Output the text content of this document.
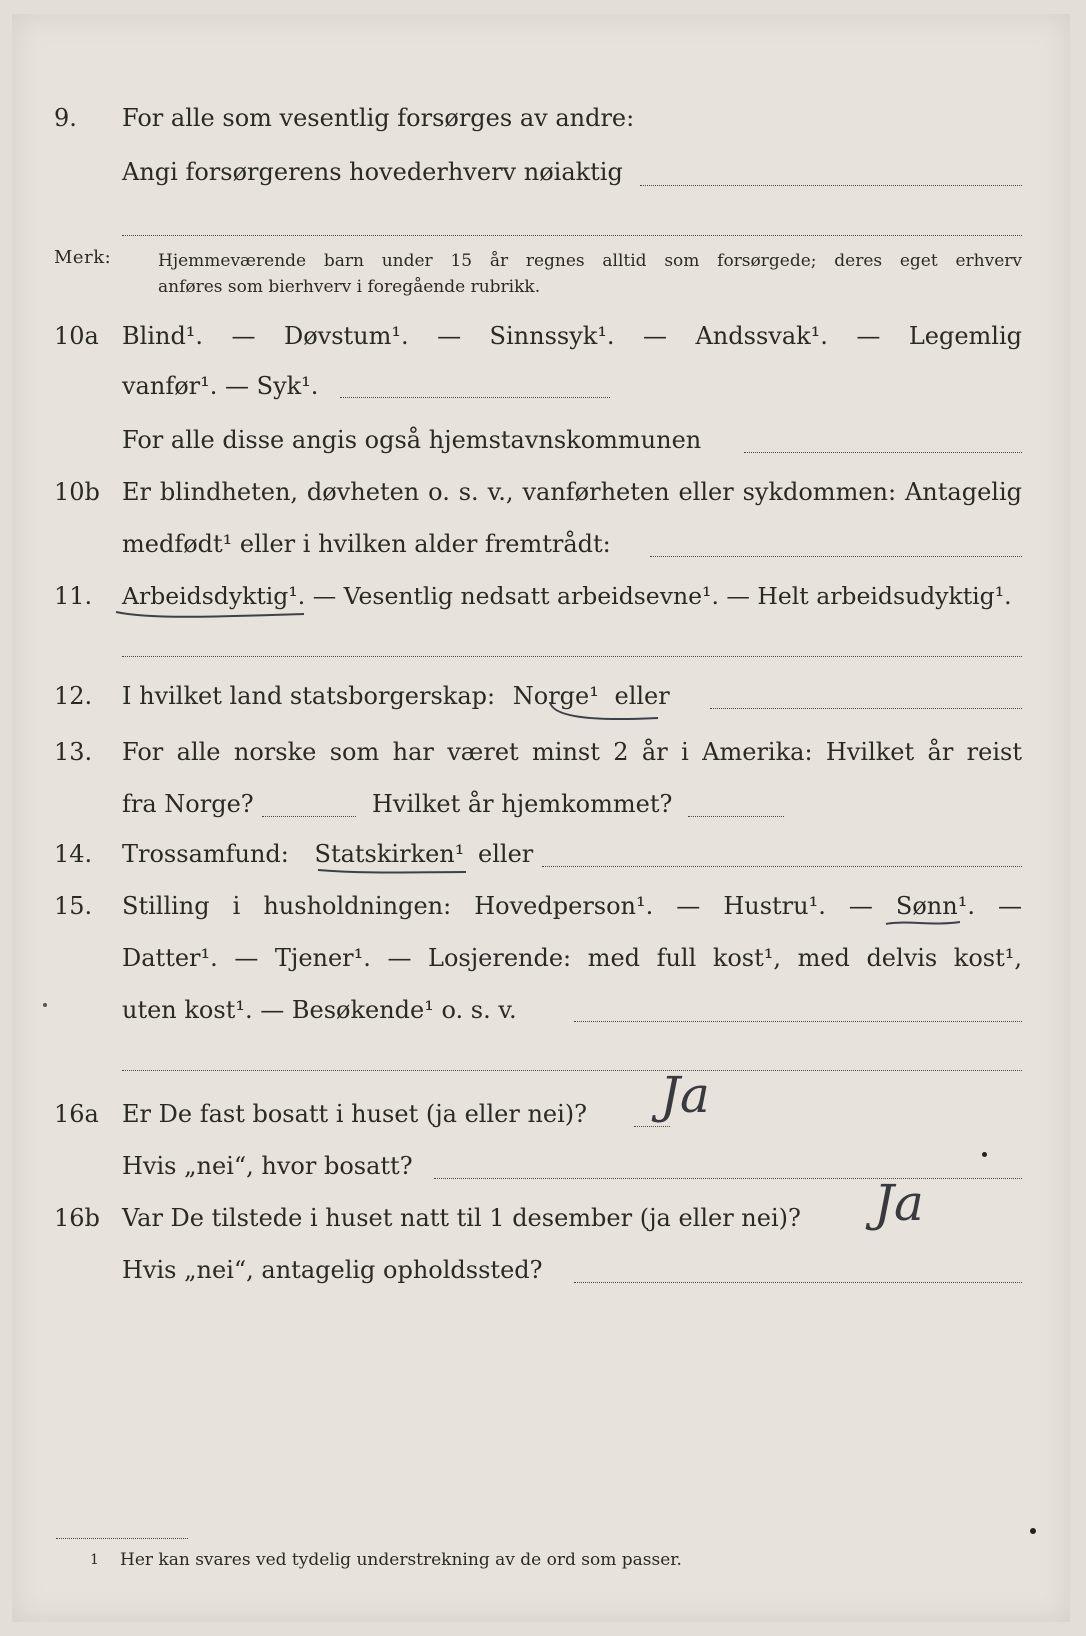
9. For alle som vesentlig forsørges av andre:
Angi forsørgerens hovederhverv nøiaktig
Merk:	Hjemmeværende barn under 15 år regnes alltid som forsørgede; deres eget erhverv
anføres som bierhverv i foregående rubrikk.
10a Blind¹. — Døvstum¹. — Sinnssyk¹. — Andssvak¹. — Legemlig
vanfør¹. — Syk¹.
For alle disse angis også hjemstavnskommunen
10b Er blindheten, døvheten o. s. v., vanførheten eller sykdommen: Antagelig
medfødt¹ eller i hvilken alder fremtrådt:
11. Arbeidsdyktig¹. — Vesentlig nedsatt arbeidsevne¹. — Helt arbeidsudyktig¹.
12. I hvilket land statsborgerskap: Norge¹ eller
13. For alle norske som har været minst 2 år i Amerika: Hvilket år reist
fra Norge?	Hvilket år hjemkommet?
14. Trossamfund: Statskirken¹ eller
15. Stilling i husholdningen: Hovedperson¹. — Hustru¹. — Sønn¹. —
Datter¹. — Tjener¹. — Losjerende: med full kost¹, med delvis kost¹,
uten kost¹. — Besøkende¹ o. s. v.
16a Er De fast bosatt i huset (ja eller nei)? Ja
Hvis „nei“, hvor bosatt?
16b Var De tilstede i huset natt til 1 desember (ja eller nei)? Ja
Hvis „nei“, antagelig opholdssted?
1 Her kan svares ved tydelig understrekning av de ord som passer.
